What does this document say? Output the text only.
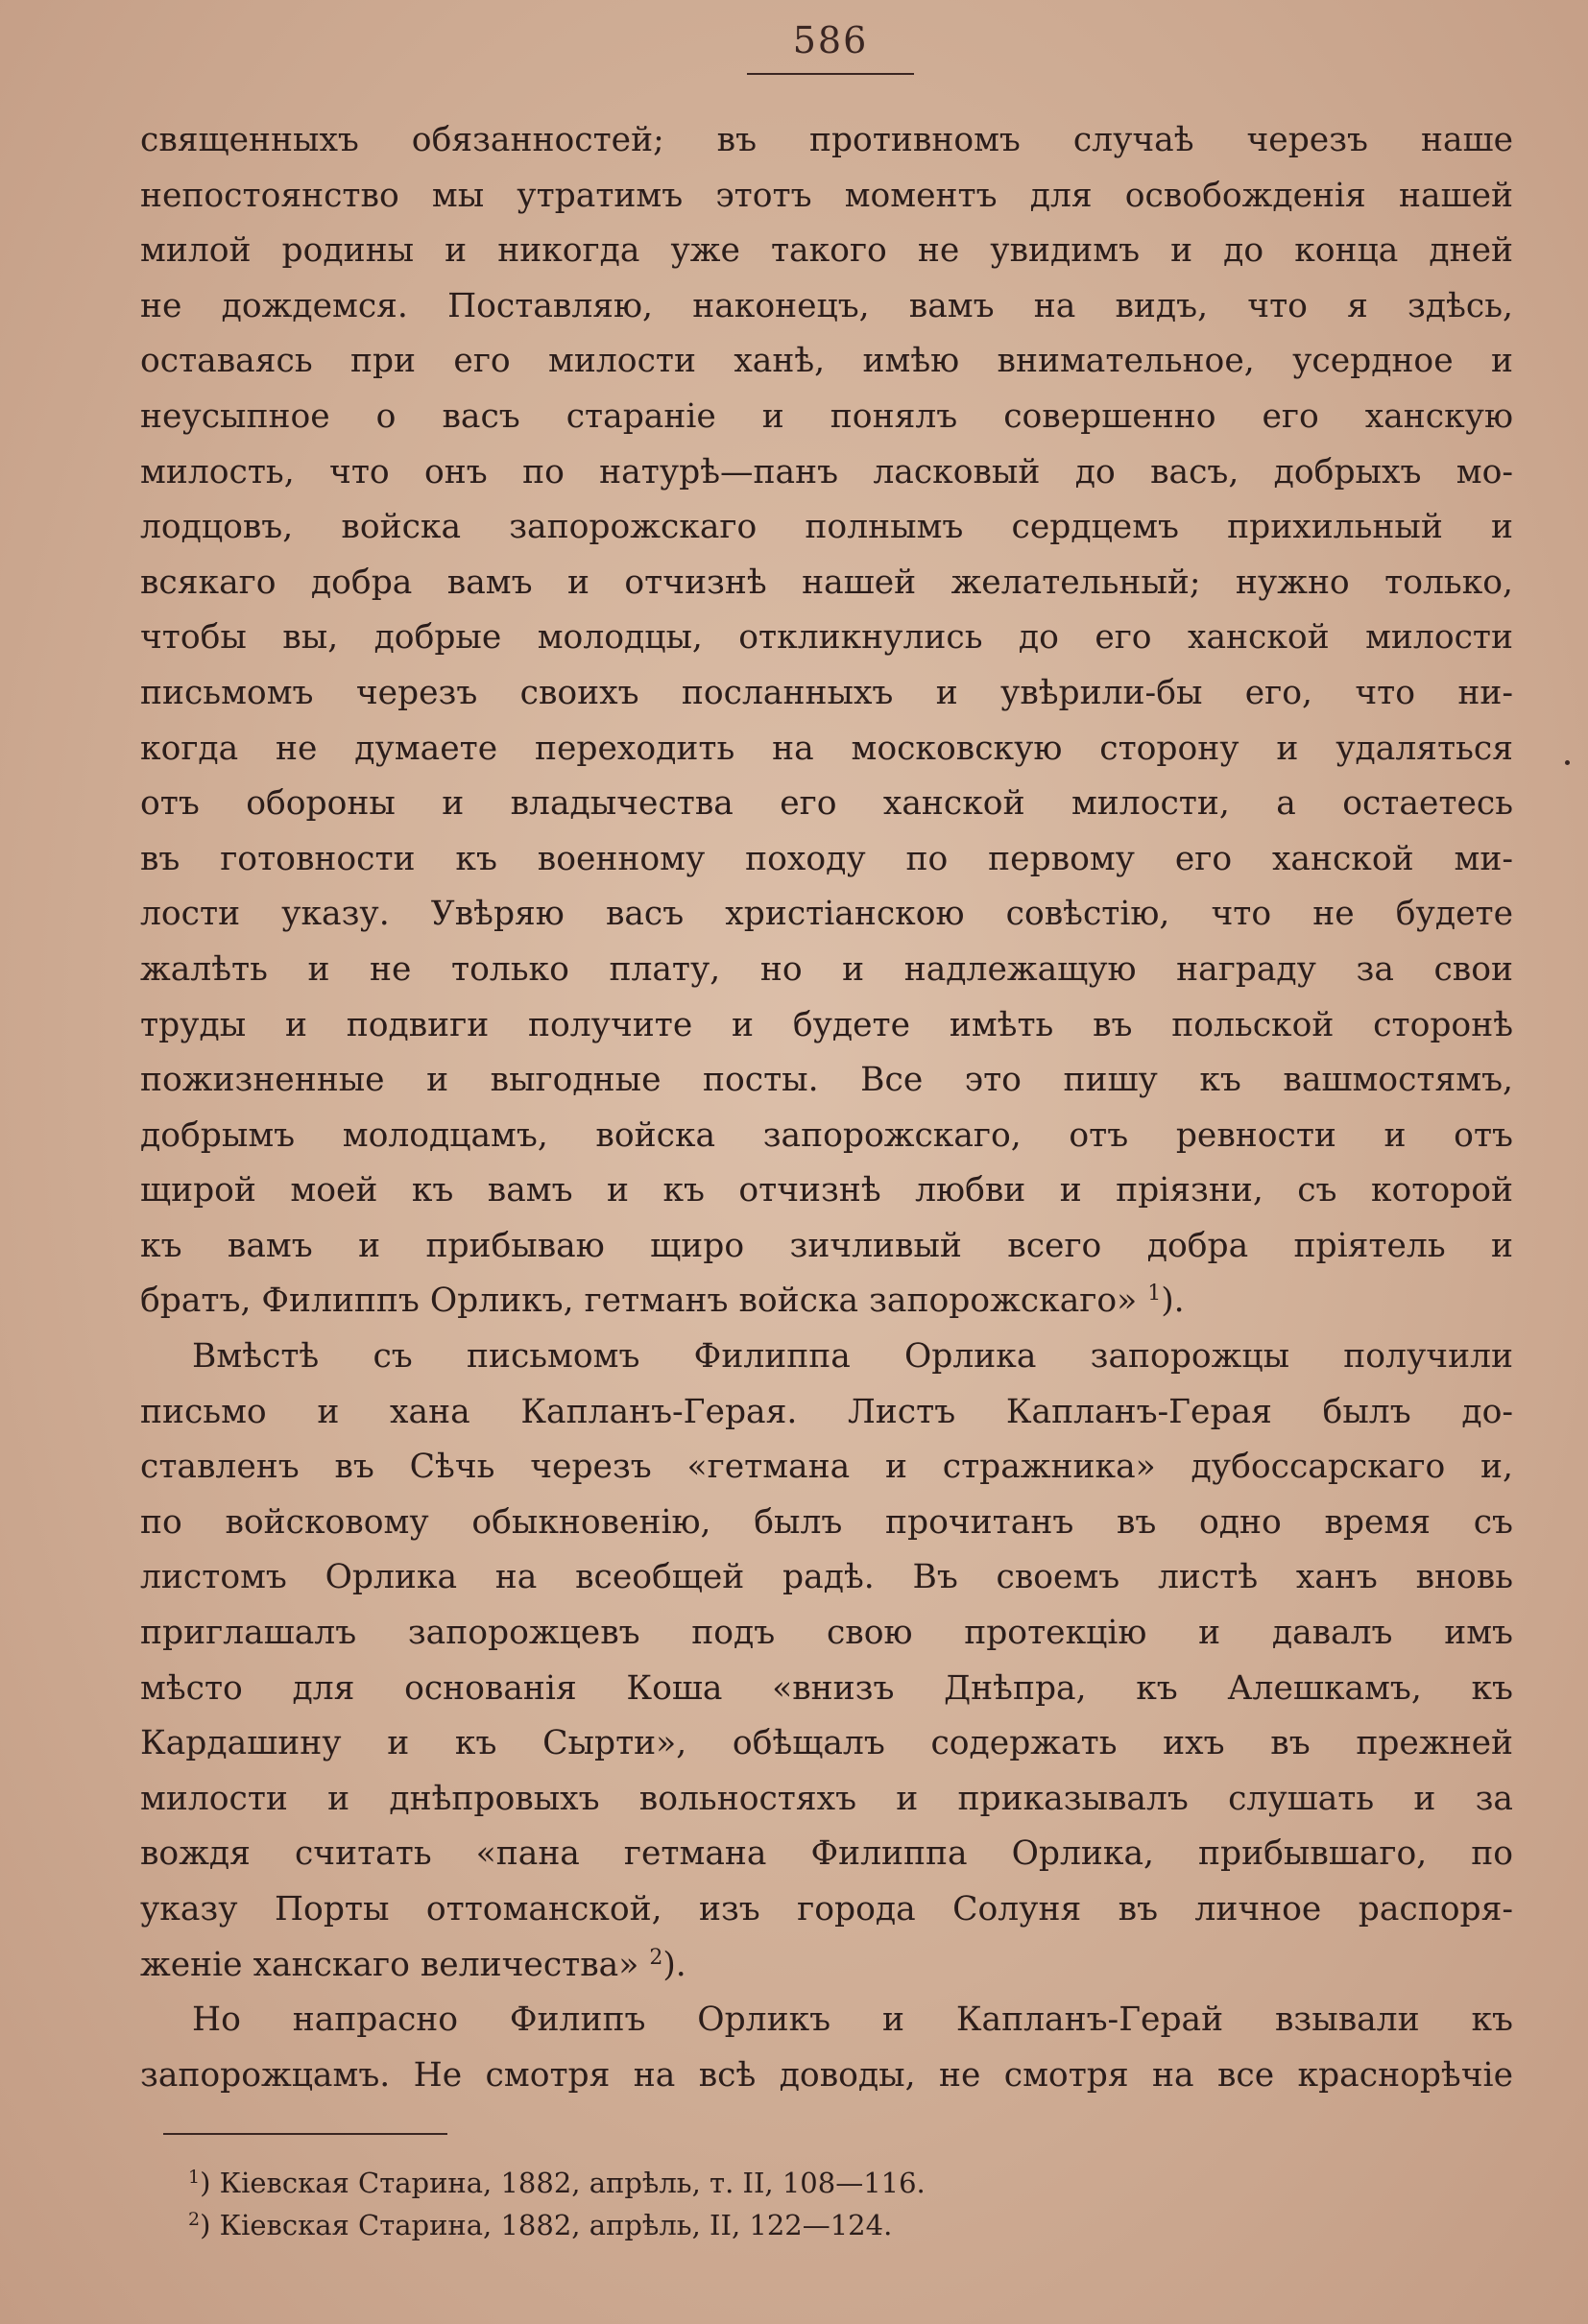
586
священныхъ обязанностей; въ противномъ случаѣ черезъ наше
непостоянство мы утратимъ этотъ моментъ для освобожденія нашей
милой родины и никогда уже такого не увидимъ и до конца дней
не дождемся. Поставляю, наконецъ, вамъ на видъ, что я здѣсь,
оставаясь при его милости ханѣ, имѣю внимательное, усердное и
неусыпное о васъ стараніе и понялъ совершенно его ханскую
милость, что онъ по натурѣ—панъ ласковый до васъ, добрыхъ мо-
лодцовъ, войска запорожскаго полнымъ сердцемъ прихильный и
всякаго добра вамъ и отчизнѣ нашей желательный; нужно только,
чтобы вы, добрые молодцы, откликнулись до его ханской милости
письмомъ черезъ своихъ посланныхъ и увѣрили-бы его, что ни-
когда не думаете переходить на московскую сторону и удаляться
отъ обороны и владычества его ханской милости, а остаетесь
въ готовности къ военному походу по первому его ханской ми-
лости указу. Увѣряю васъ христіанскою совѣстію, что не будете
жалѣть и не только плату, но и надлежащую награду за свои
труды и подвиги получите и будете имѣть въ польской сторонѣ
пожизненные и выгодные посты. Все это пишу къ вашмостямъ,
добрымъ молодцамъ, войска запорожскаго, отъ ревности и отъ
щирой моей къ вамъ и къ отчизнѣ любви и пріязни, съ которой
къ вамъ и прибываю щиро зичливый всего добра пріятель и
братъ, Филиппъ Орликъ, гетманъ войска запорожскаго» $^1$).
Вмѣстѣ съ письмомъ Филиппа Орлика запорожцы получили
письмо и хана Капланъ-Герая. Листъ Капланъ-Герая былъ до-
ставленъ въ Сѣчь черезъ «гетмана и стражника» дубоссарскаго и,
по войсковому обыкновенію, былъ прочитанъ въ одно время съ
листомъ Орлика на всеобщей радѣ. Въ своемъ листѣ ханъ вновь
приглашалъ запорожцевъ подъ свою протекцію и давалъ имъ
мѣсто для основанія Коша «внизъ Днѣпра, къ Алешкамъ, къ
Кардашину и къ Сырти», обѣщалъ содержать ихъ въ прежней
милости и днѣпровыхъ вольностяхъ и приказывалъ слушать и за
вождя считать «пана гетмана Филиппа Орлика, прибывшаго, по
указу Порты оттоманской, изъ города Солуня въ личное распоря-
женіе ханскаго величества» $^2$).
Но напрасно Филипъ Орликъ и Капланъ-Герай взывали къ
запорожцамъ. Не смотря на всѣ доводы, не смотря на все краснорѣчіе
$^1$) Кіевская Старина, 1882, апрѣль, т. II, 108—116.
$^2$) Кіевская Старина, 1882, апрѣль, II, 122—124.
